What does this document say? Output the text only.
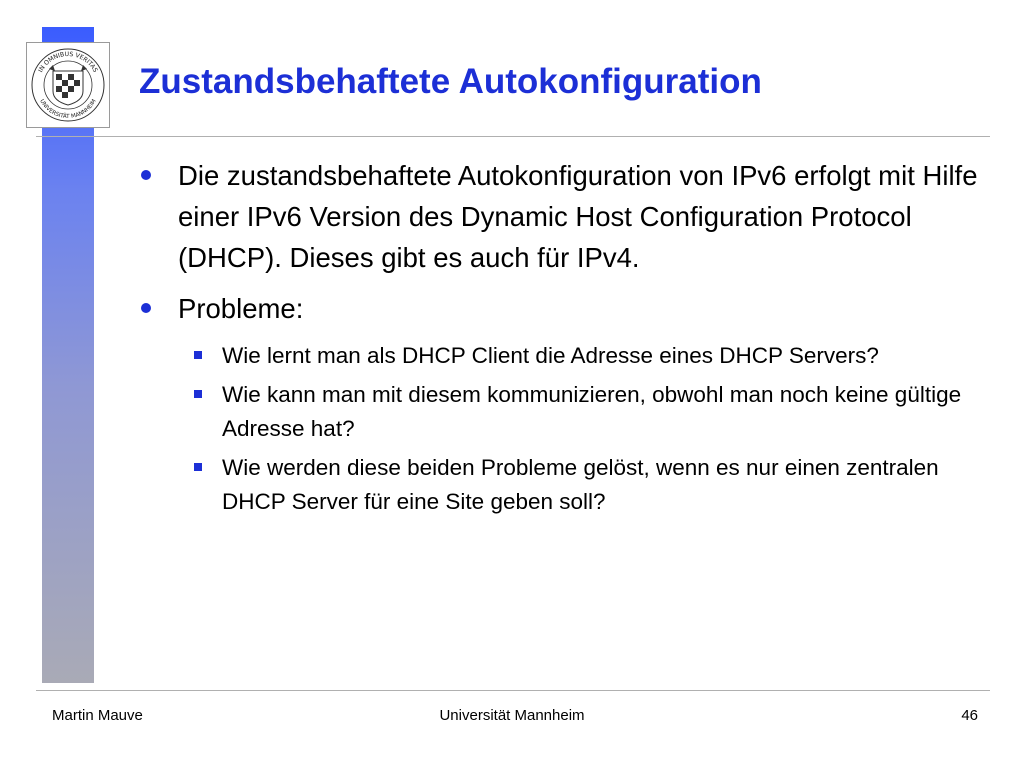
IN OMNIBUS VERITAS
UNIVERSITÄT MANNHEIM
Zustandsbehaftete Autokonfiguration
Die zustandsbehaftete Autokonfiguration von IPv6 erfolgt mit Hilfe einer IPv6 Version des Dynamic Host Configuration Protocol (DHCP). Dieses gibt es auch für IPv4.
Probleme:
Wie lernt man als DHCP Client die Adresse eines DHCP Servers?
Wie kann man mit diesem kommunizieren, obwohl man noch keine gültige Adresse hat?
Wie werden diese beiden Probleme gelöst, wenn es nur einen zentralen DHCP Server für eine Site geben soll?
Martin Mauve	Universität Mannheim	46
